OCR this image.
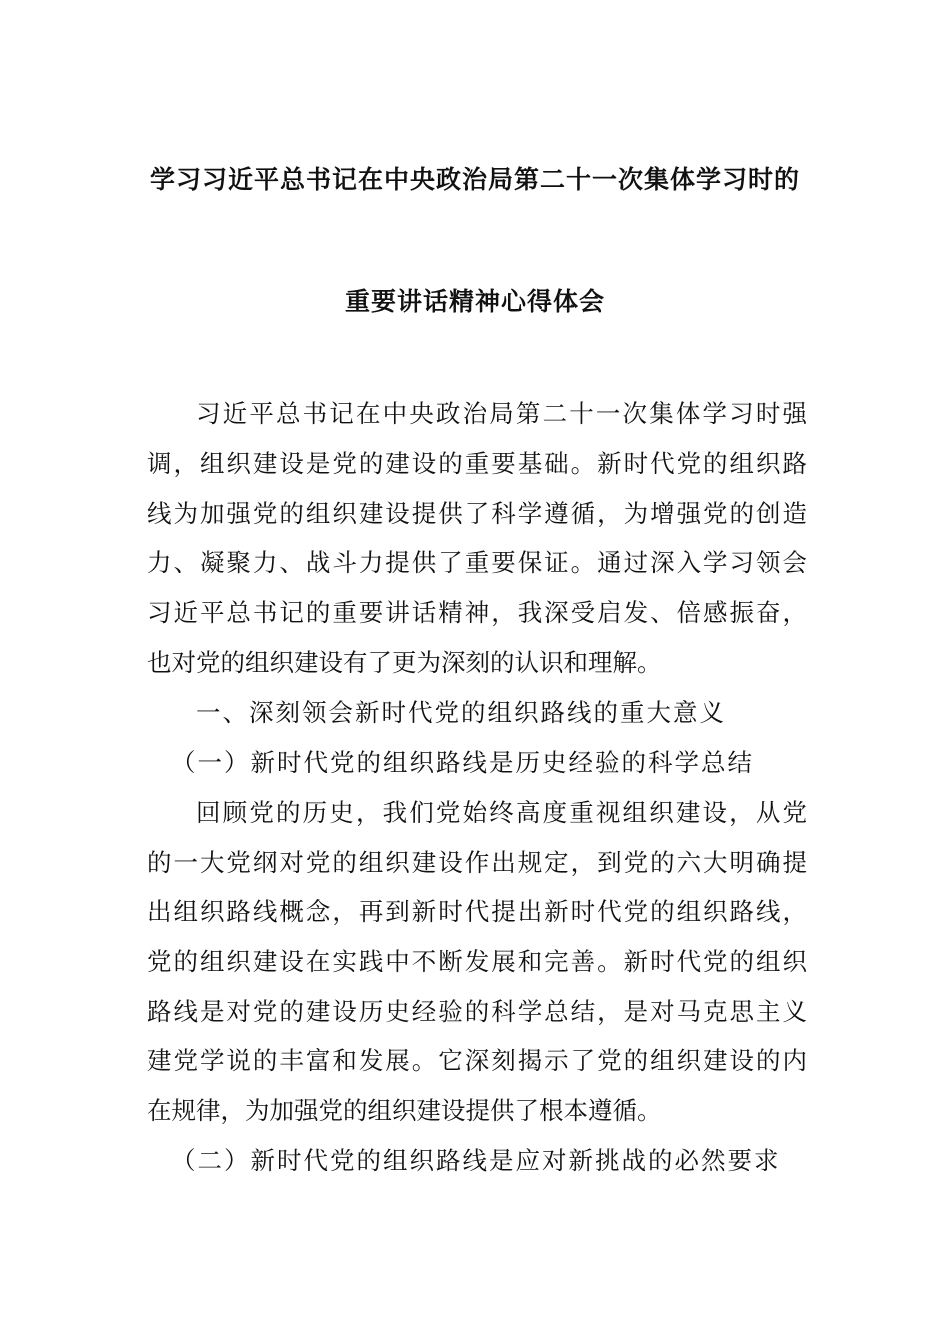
学习习近平总书记在中央政治局第二十一次集体学习时的
重要讲话精神心得体会
习近平总书记在中央政治局第二十一次集体学习时强
调，组织建设是党的建设的重要基础。新时代党的组织路
线为加强党的组织建设提供了科学遵循，为增强党的创造
力、凝聚力、战斗力提供了重要保证。通过深入学习领会
习近平总书记的重要讲话精神，我深受启发、倍感振奋，
也对党的组织建设有了更为深刻的认识和理解。
一、深刻领会新时代党的组织路线的重大意义
（一）新时代党的组织路线是历史经验的科学总结
回顾党的历史，我们党始终高度重视组织建设，从党
的一大党纲对党的组织建设作出规定，到党的六大明确提
出组织路线概念，再到新时代提出新时代党的组织路线，
党的组织建设在实践中不断发展和完善。新时代党的组织
路线是对党的建设历史经验的科学总结，是对马克思主义
建党学说的丰富和发展。它深刻揭示了党的组织建设的内
在规律，为加强党的组织建设提供了根本遵循。
（二）新时代党的组织路线是应对新挑战的必然要求
